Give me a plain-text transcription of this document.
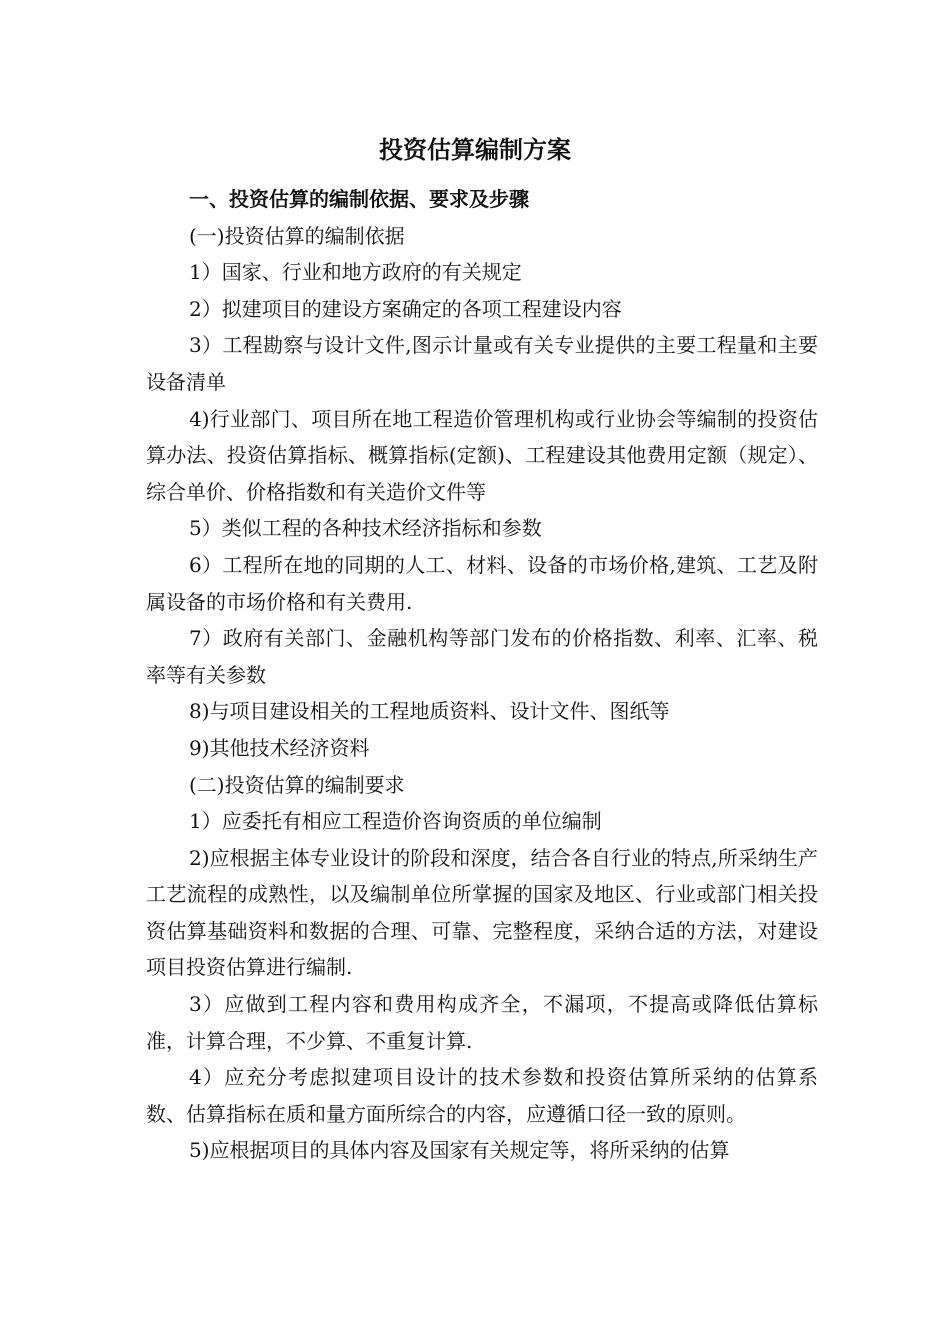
投资估算编制方案

一、投资估算的编制依据、要求及步骤

(一)投资估算的编制依据

1）国家、行业和地方政府的有关规定

2）拟建项目的建设方案确定的各项工程建设内容

3）工程勘察与设计文件,图示计量或有关专业提供的主要工程量和主要设备清单

4)行业部门、项目所在地工程造价管理机构或行业协会等编制的投资估算办法、投资估算指标、概算指标(定额)、工程建设其他费用定额（规定）、综合单价、价格指数和有关造价文件等

5）类似工程的各种技术经济指标和参数

6）工程所在地的同期的人工、材料、设备的市场价格,建筑、工艺及附属设备的市场价格和有关费用.

7）政府有关部门、金融机构等部门发布的价格指数、利率、汇率、税率等有关参数

8)与项目建设相关的工程地质资料、设计文件、图纸等

9)其他技术经济资料

(二)投资估算的编制要求

1）应委托有相应工程造价咨询资质的单位编制

2)应根据主体专业设计的阶段和深度，结合各自行业的特点,所采纳生产工艺流程的成熟性，以及编制单位所掌握的国家及地区、行业或部门相关投资估算基础资料和数据的合理、可靠、完整程度，采纳合适的方法，对建设项目投资估算进行编制.

3）应做到工程内容和费用构成齐全，不漏项，不提高或降低估算标准，计算合理，不少算、不重复计算.

4）应充分考虑拟建项目设计的技术参数和投资估算所采纳的估算系数、估算指标在质和量方面所综合的内容，应遵循口径一致的原则。

5)应根据项目的具体内容及国家有关规定等，将所采纳的估算
